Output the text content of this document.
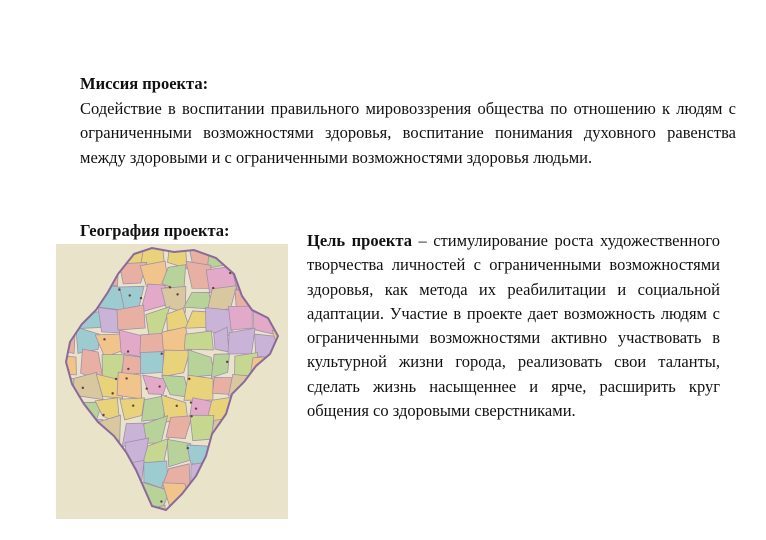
Миссия проекта:

Содействие в воспитании правильного мировоззрения общества по отношению к людям с ограниченными возможностями здоровья, воспитание понимания духовного равенства между здоровыми и с ограниченными возможностями здоровья людьми.

География проекта:

Цель проекта – стимулирование роста художественного творчества личностей с ограниченными возможностями здоровья, как метода их реабилитации и социальной адаптации. Участие в проекте дает возможность людям с ограниченными возможностями активно участвовать в культурной жизни города, реализовать свои таланты, сделать жизнь насыщеннее и ярче, расширить круг общения со здоровыми сверстниками.
